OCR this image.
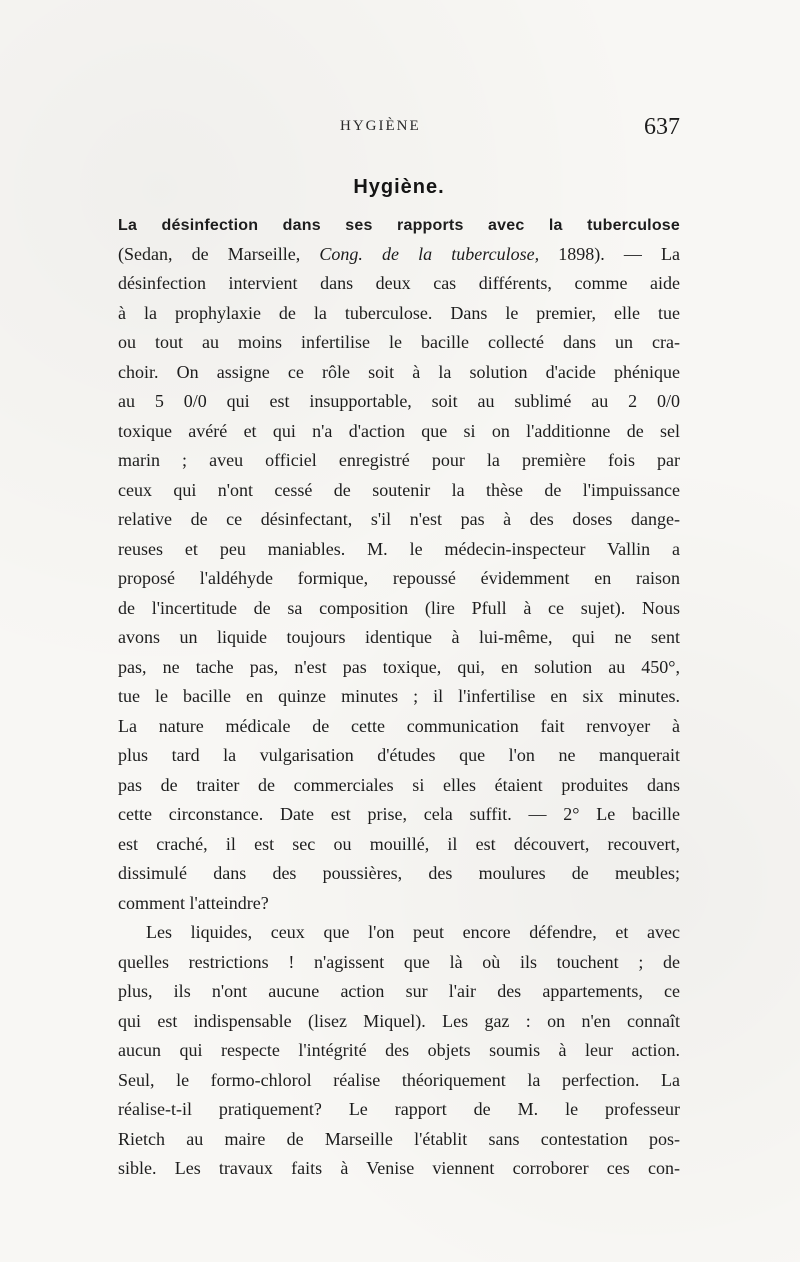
HYGIÈNE	637
Hygiène.
La désinfection dans ses rapports avec la tuberculose
(Sedan, de Marseille, Cong. de la tuberculose, 1898). — La
désinfection intervient dans deux cas différents, comme aide
à la prophylaxie de la tuberculose. Dans le premier, elle tue
ou tout au moins infertilise le bacille collecté dans un cra-
choir. On assigne ce rôle soit à la solution d'acide phénique
au 5 0/0 qui est insupportable, soit au sublimé au 2 0/0
toxique avéré et qui n'a d'action que si on l'additionne de sel
marin ; aveu officiel enregistré pour la première fois par
ceux qui n'ont cessé de soutenir la thèse de l'impuissance
relative de ce désinfectant, s'il n'est pas à des doses dange-
reuses et peu maniables. M. le médecin-inspecteur Vallin a
proposé l'aldéhyde formique, repoussé évidemment en raison
de l'incertitude de sa composition (lire Pfull à ce sujet). Nous
avons un liquide toujours identique à lui-même, qui ne sent
pas, ne tache pas, n'est pas toxique, qui, en solution au 450°,
tue le bacille en quinze minutes ; il l'infertilise en six minutes.
La nature médicale de cette communication fait renvoyer à
plus tard la vulgarisation d'études que l'on ne manquerait
pas de traiter de commerciales si elles étaient produites dans
cette circonstance. Date est prise, cela suffit. — 2° Le bacille
est craché, il est sec ou mouillé, il est découvert, recouvert,
dissimulé dans des poussières, des moulures de meubles;
comment l'atteindre?
Les liquides, ceux que l'on peut encore défendre, et avec
quelles restrictions ! n'agissent que là où ils touchent ; de
plus, ils n'ont aucune action sur l'air des appartements, ce
qui est indispensable (lisez Miquel). Les gaz : on n'en connaît
aucun qui respecte l'intégrité des objets soumis à leur action.
Seul, le formo-chlorol réalise théoriquement la perfection. La
réalise-t-il pratiquement? Le rapport de M. le professeur
Rietch au maire de Marseille l'établit sans contestation pos-
sible. Les travaux faits à Venise viennent corroborer ces con-
